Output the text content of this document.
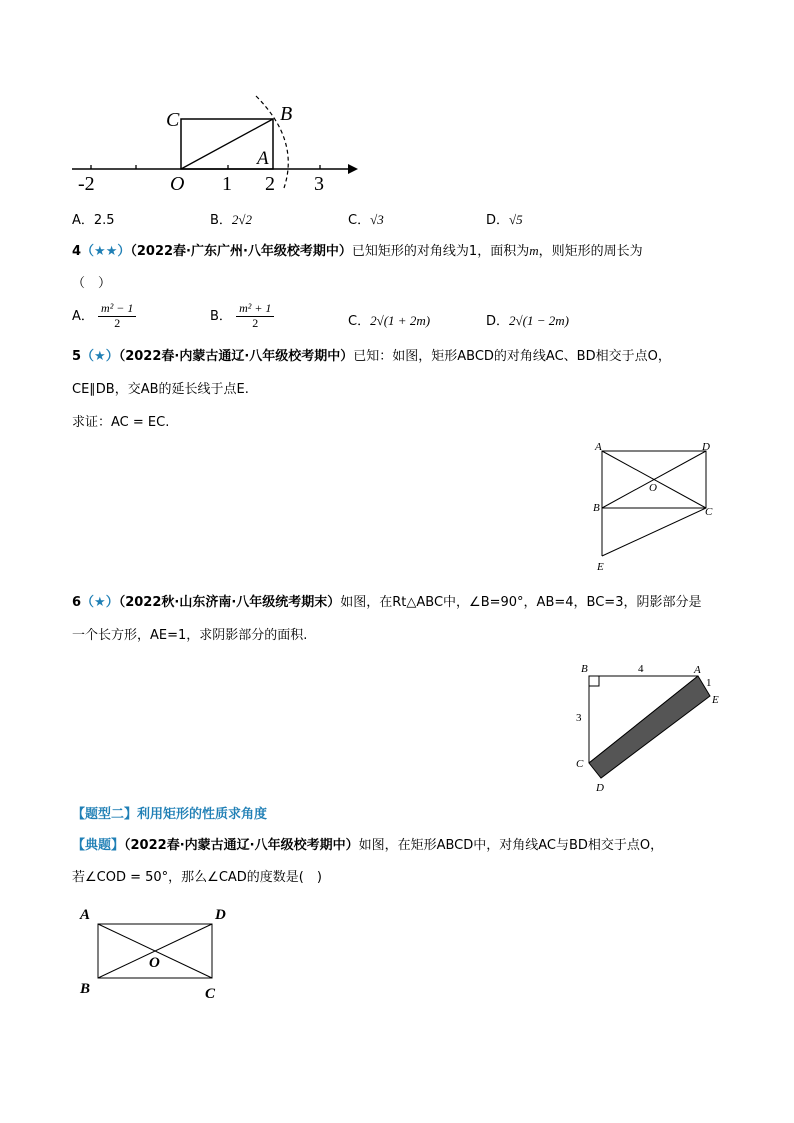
C	B
A
O
-2	1 2 3
A．2.5	B．2√2	C．√3	D．√5
4（★★）（2022春·广东广州·八年级校考期中）已知矩形的对角线为1，面积为m，则矩形的周长为
（　）
A． $\frac{\text{m² − 1}}{2}$	B． $\frac{\text{m² + 1}}{2}$	C．2√(1 + 2m)	D．2√(1 − 2m)
5（★）（2022春·内蒙古通辽·八年级校考期中）已知：如图，矩形ABCD的对角线AC、BD相交于点O，
CE∥DB，交AB的延长线于点E.
求证：AC = EC.
A	D
O
B	C
E
6（★）（2022秋·山东济南·八年级统考期末）如图，在Rt△ABC中，∠B=90°，AB=4，BC=3，阴影部分是
一个长方形，AE=1，求阴影部分的面积.
B	A
4
1
E
3
C
D
【题型二】利用矩形的性质求角度
【典题】（2022春·内蒙古通辽·八年级校考期中）如图，在矩形ABCD中，对角线AC与BD相交于点O，
若∠COD = 50°，那么∠CAD的度数是(　)
A	D
O
B	C
